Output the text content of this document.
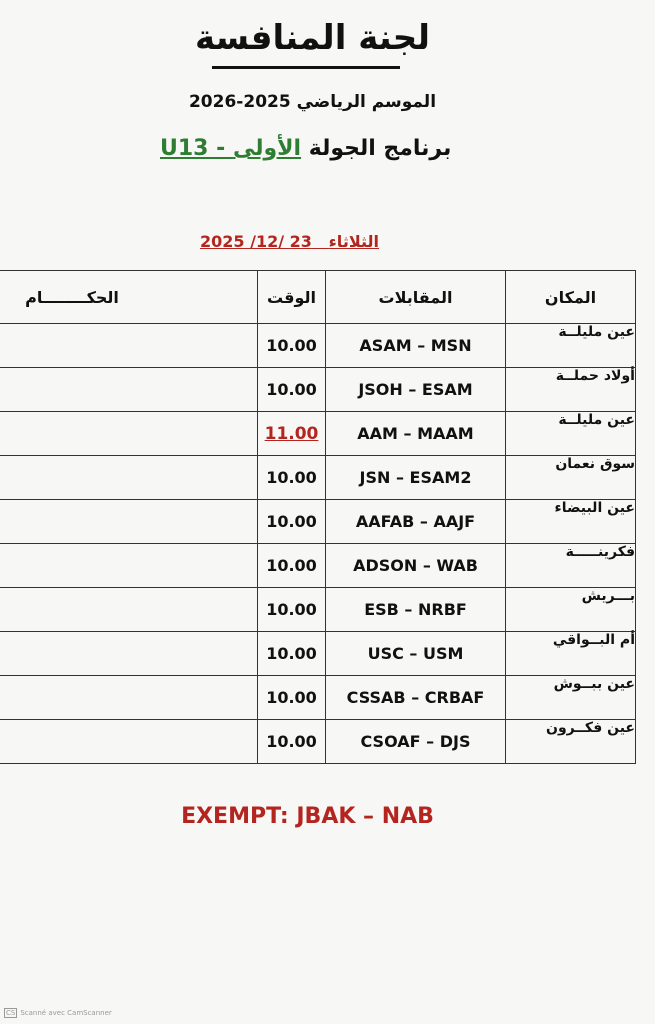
لجنة المنافسة
الموسم الرياضي 2025-2026
برنامج الجولة الأولى - U13
الثلاثاء   23 /12/ 2025
الحكــــــــام	الوقت	المقابلات	المكان
	10.00	ASAM – MSN	عين مليلــة
	10.00	JSOH – ESAM	أولاد حملــة
	11.00	AAM – MAAM	عين مليلــة
	10.00	JSN – ESAM2	سوق نعمان
	10.00	AAFAB – AAJF	عين البيضاء
	10.00	ADSON – WAB	فكرينـــــة
	10.00	ESB – NRBF	بـــريش
	10.00	USC – USM	أم البــواقي
	10.00	CSSAB – CRBAF	عين ببــوش
	10.00	CSOAF – DJS	عين فكــرون
EXEMPT: JBAK – NAB
CS Scanné avec CamScanner
